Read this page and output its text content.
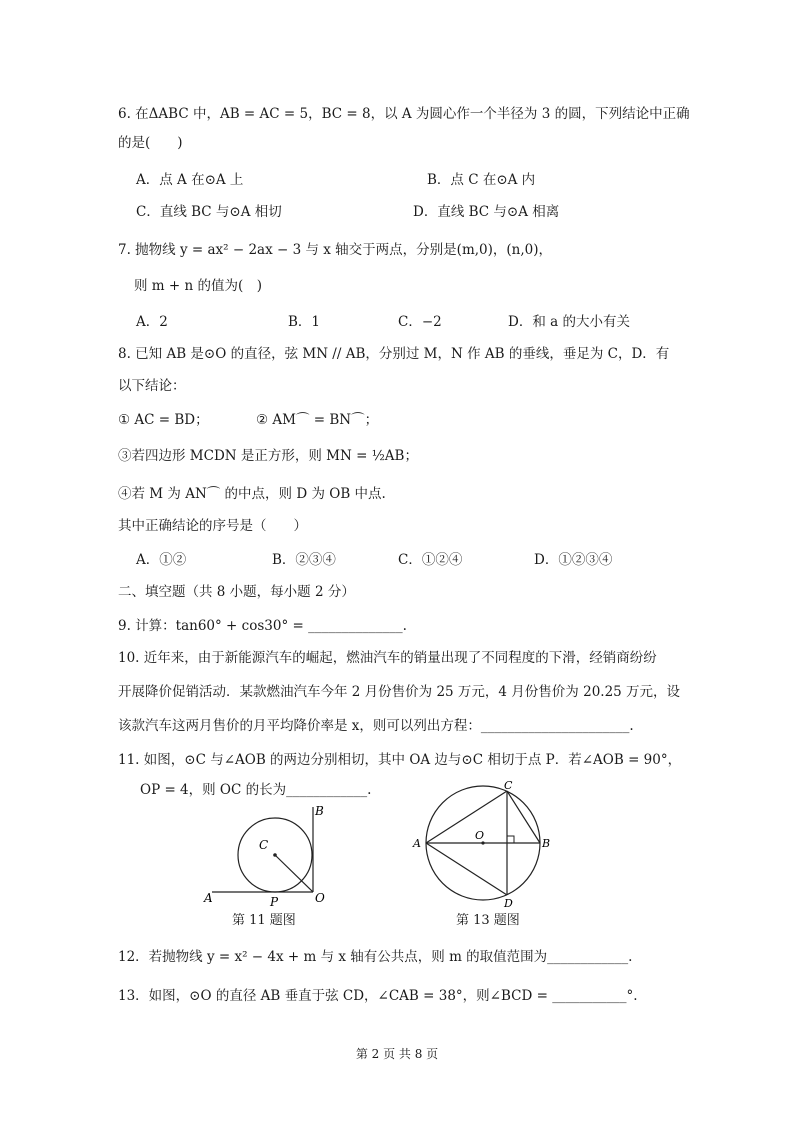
6. 在ΔABC 中，AB = AC = 5，BC = 8，以 A 为圆心作一个半径为 3 的圆，下列结论中正确
的是(　　)
A．点 A 在⊙A 上	B．点 C 在⊙A 内
C．直线 BC 与⊙A 相切	D．直线 BC 与⊙A 相离
7. 抛物线 y = ax² − 2ax − 3 与 x 轴交于两点，分别是(m,0)，(n,0)，
则 m + n 的值为(　)
A．2	B．1	C．−2	D．和 a 的大小有关
8. 已知 AB 是⊙O 的直径，弦 MN // AB，分别过 M，N 作 AB 的垂线，垂足为 C，D．有
以下结论：
① AC = BD；	② AM⌒ = BN⌒；
③若四边形 MCDN 是正方形，则 MN = ½AB；
④若 M 为 AN⌒ 的中点，则 D 为 OB 中点.
其中正确结论的序号是（　　）
A．①②	B．②③④	C．①②④	D．①②③④
二、填空题（共 8 小题，每小题 2 分）
9. 计算：tan60° + cos30° = ______________.
10. 近年来，由于新能源汽车的崛起，燃油汽车的销量出现了不同程度的下滑，经销商纷纷
开展降价促销活动．某款燃油汽车今年 2 月份售价为 25 万元，4 月份售价为 20.25 万元，设
该款汽车这两月售价的月平均降价率是 x，则可以列出方程：______________________.
11. 如图，⊙C 与∠AOB 的两边分别相切，其中 OA 边与⊙C 相切于点 P．若∠AOB = 90°，
OP = 4，则 OC 的长为____________.
A
B
C
O
P
第 11 题图
A	B
C
D
O
第 13 题图
12．若抛物线 y = x² − 4x + m 与 x 轴有公共点，则 m 的取值范围为____________.
13．如图，⊙O 的直径 AB 垂直于弦 CD，∠CAB = 38°，则∠BCD = ___________°.
第 2 页 共 8 页
